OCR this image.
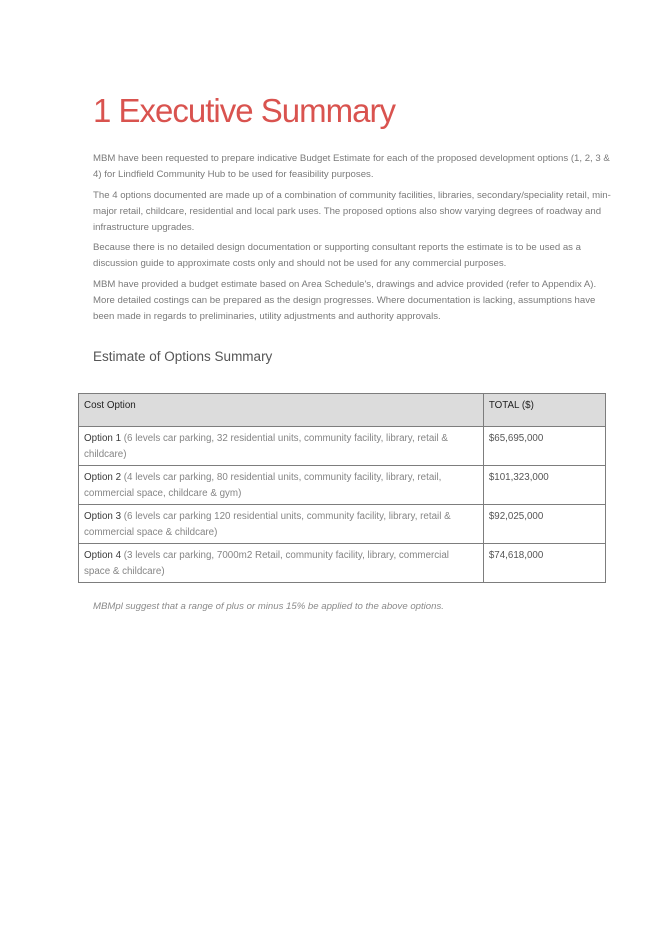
1 Executive Summary

MBM have been requested to prepare indicative Budget Estimate for each of the proposed development options (1, 2, 3 & 4) for Lindfield Community Hub to be used for feasibility purposes.

The 4 options documented are made up of a combination of community facilities, libraries, secondary/speciality retail, min-major retail, childcare, residential and local park uses. The proposed options also show varying degrees of roadway and infrastructure upgrades.

Because there is no detailed design documentation or supporting consultant reports the estimate is to be used as a discussion guide to approximate costs only and should not be used for any commercial purposes.

MBM have provided a budget estimate based on Area Schedule's, drawings and advice provided (refer to Appendix A). More detailed costings can be prepared as the design progresses. Where documentation is lacking, assumptions have been made in regards to preliminaries, utility adjustments and authority approvals.

Estimate of Options Summary
Cost Option	TOTAL ($)
Option 1 (6 levels car parking, 32 residential units, community facility, library, retail & childcare)	$65,695,000
Option 2 (4 levels car parking, 80 residential units, community facility, library, retail, commercial space, childcare & gym)	$101,323,000
Option 3 (6 levels car parking 120 residential units, community facility, library, retail & commercial space & childcare)	$92,025,000
Option 4 (3 levels car parking, 7000m2 Retail, community facility, library, commercial space & childcare)	$74,618,000

MBMpl suggest that a range of plus or minus 15% be applied to the above options.
